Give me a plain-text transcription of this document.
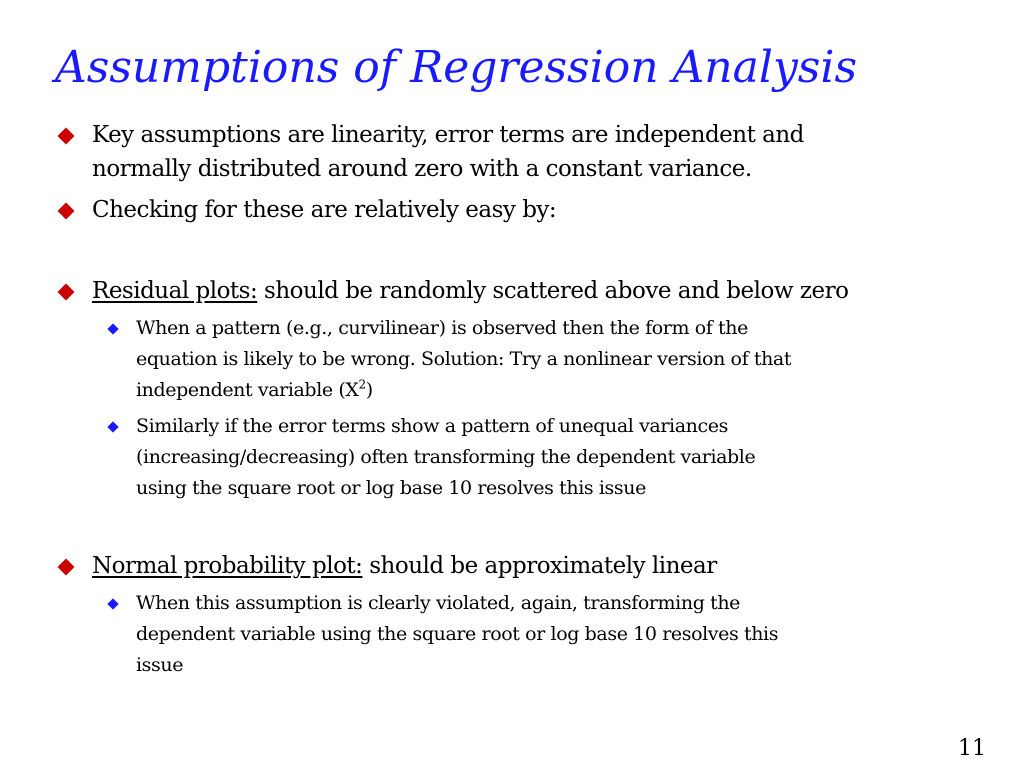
Assumptions of Regression Analysis
Key assumptions are linearity, error terms are independent and
normally distributed around zero with a constant variance.
Checking for these are relatively easy by:
Residual plots: should be randomly scattered above and below zero
When a pattern (e.g., curvilinear) is observed then the form of the
equation is likely to be wrong. Solution: Try a nonlinear version of that
independent variable $(X^2)$
Similarly if the error terms show a pattern of unequal variances
(increasing/decreasing) often transforming the dependent variable
using the square root or log base 10 resolves this issue
Normal probability plot: should be approximately linear
When this assumption is clearly violated, again, transforming the
dependent variable using the square root or log base 10 resolves this
issue
11
